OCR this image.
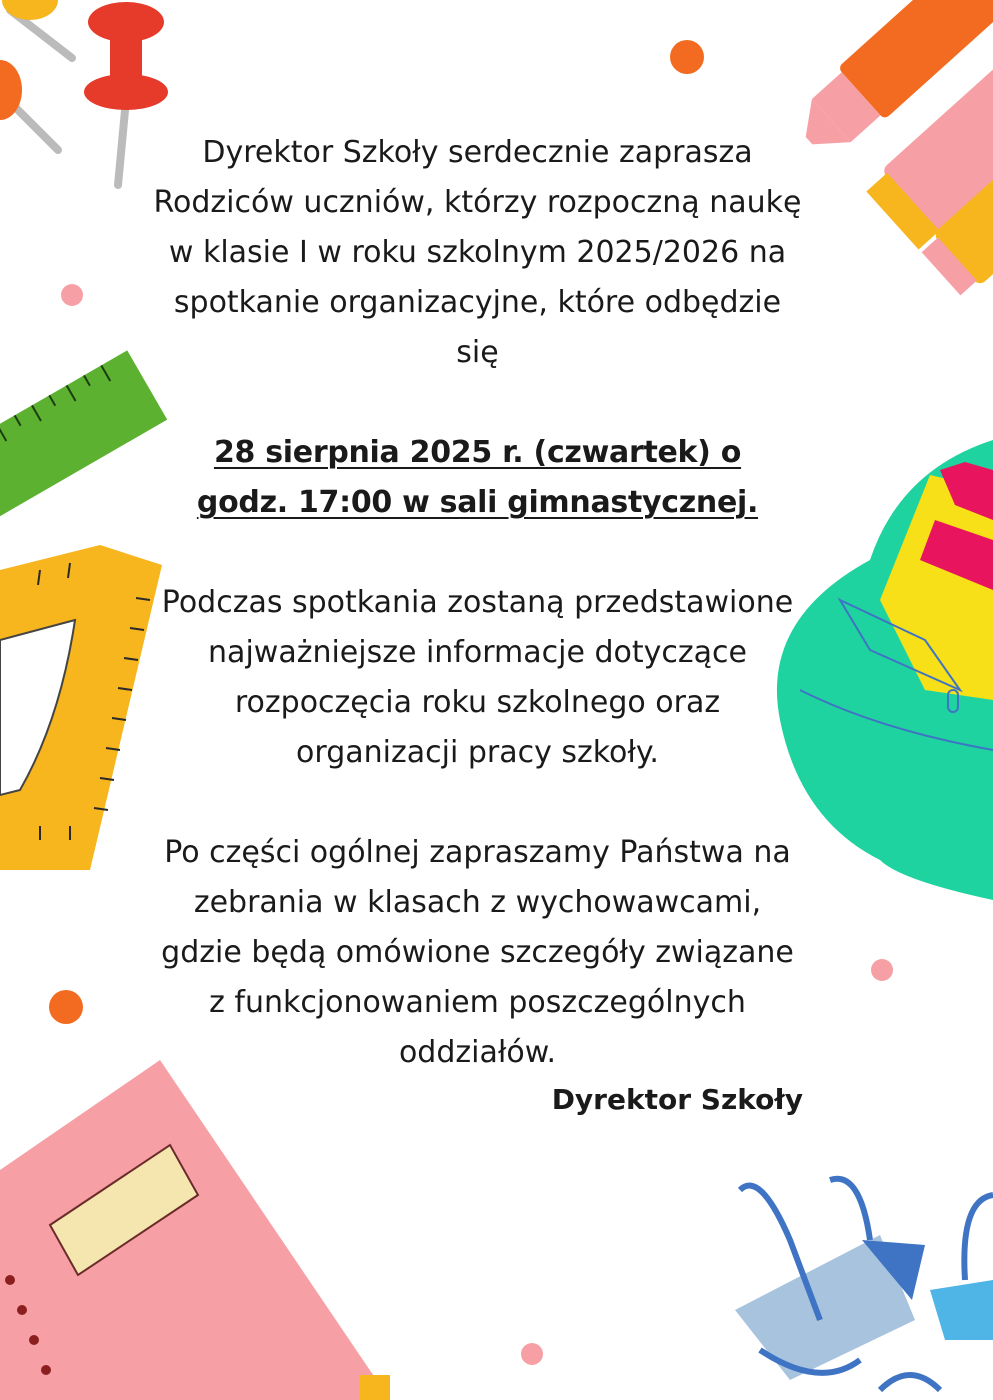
Dyrektor Szkoły serdecznie zaprasza Rodziców uczniów, którzy rozpoczną naukę w klasie I w roku szkolnym 2025/2026 na spotkanie organizacyjne, które odbędzie się

28 sierpnia 2025 r. (czwartek) o

godz. 17:00 w sali gimnastycznej.

Podczas spotkania zostaną przedstawione najważniejsze informacje dotyczące rozpoczęcia roku szkolnego oraz organizacji pracy szkoły.

Po części ogólnej zapraszamy Państwa na zebrania w klasach z wychowawcami, gdzie będą omówione szczegóły związane z funkcjonowaniem poszczególnych oddziałów.

Dyrektor Szkoły
